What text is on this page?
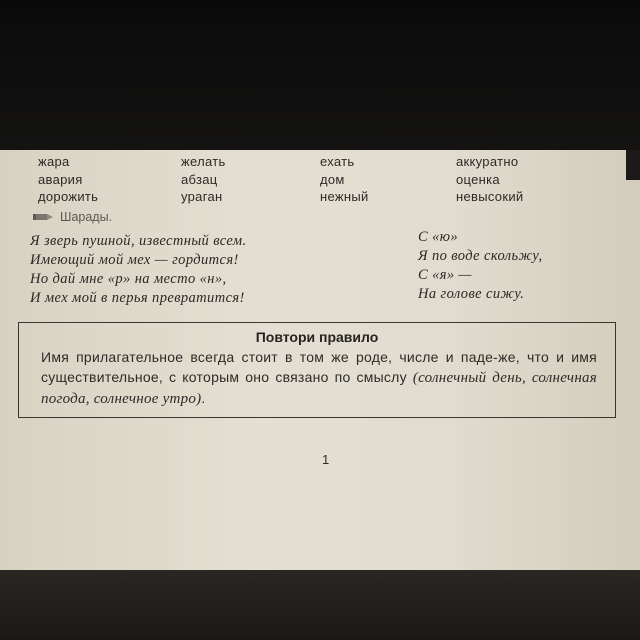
жара
авария
дорожить
желать
абзац
ураган
ехать
дом
нежный
аккуратно
оценка
невысокий
Шарады.
Я зверь пушной, известный всем.
Имеющий мой мех — гордится!
Но дай мне «р» на место «н»,
И мех мой в перья превратится!
С «ю»
Я по воде скольжу,
С «я» —
На голове сижу.
Повтори правило
Имя прилагательное всегда стоит в том же роде, числе и паде-же, что и имя существительное, с которым оно связано по смыслу (солнечный день, солнечная погода, солнечное утро).
1
